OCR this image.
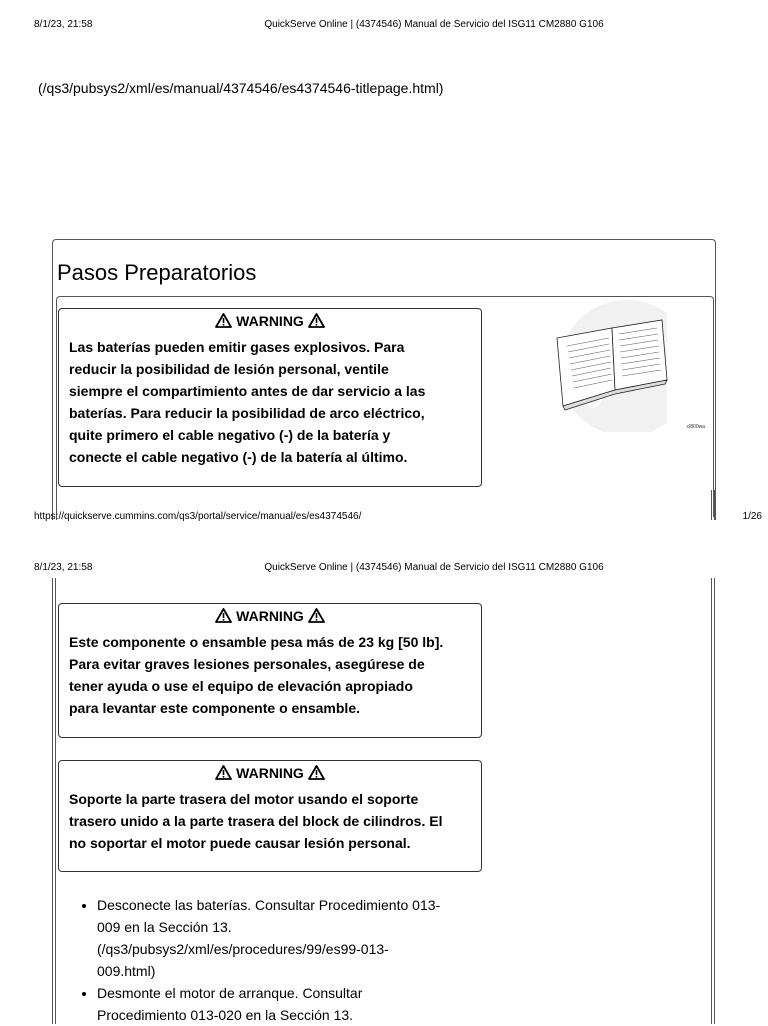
8/1/23, 21:58	QuickServe Online | (4374546) Manual de Servicio del ISG11 CM2880 G106
(/qs3/pubsys2/xml/es/manual/4374546/es4374546-titlepage.html)
Pasos Preparatorios
WARNING
Las baterías pueden emitir gases explosivos. Para
reducir la posibilidad de lesión personal, ventile
siempre el compartimiento antes de dar servicio a las
baterías. Para reducir la posibilidad de arco eléctrico,
quite primero el cable negativo (-) de la batería y
conecte el cable negativo (-) de la batería al último.
cl800wa
https://quickserve.cummins.com/qs3/portal/service/manual/es/es4374546/	1/26
8/1/23, 21:58	QuickServe Online | (4374546) Manual de Servicio del ISG11 CM2880 G106
WARNING
Este componente o ensamble pesa más de 23 kg [50 lb].
Para evitar graves lesiones personales, asegúrese de
tener ayuda o use el equipo de elevación apropiado
para levantar este componente o ensamble.
WARNING
Soporte la parte trasera del motor usando el soporte
trasero unido a la parte trasera del block de cilindros. El
no soportar el motor puede causar lesión personal.
• Desconecte las baterías. Consultar Procedimiento 013-
009 en la Sección 13.
(/qs3/pubsys2/xml/es/procedures/99/es99-013-
009.html)
• Desmonte el motor de arranque. Consultar
Procedimiento 013-020 en la Sección 13.
